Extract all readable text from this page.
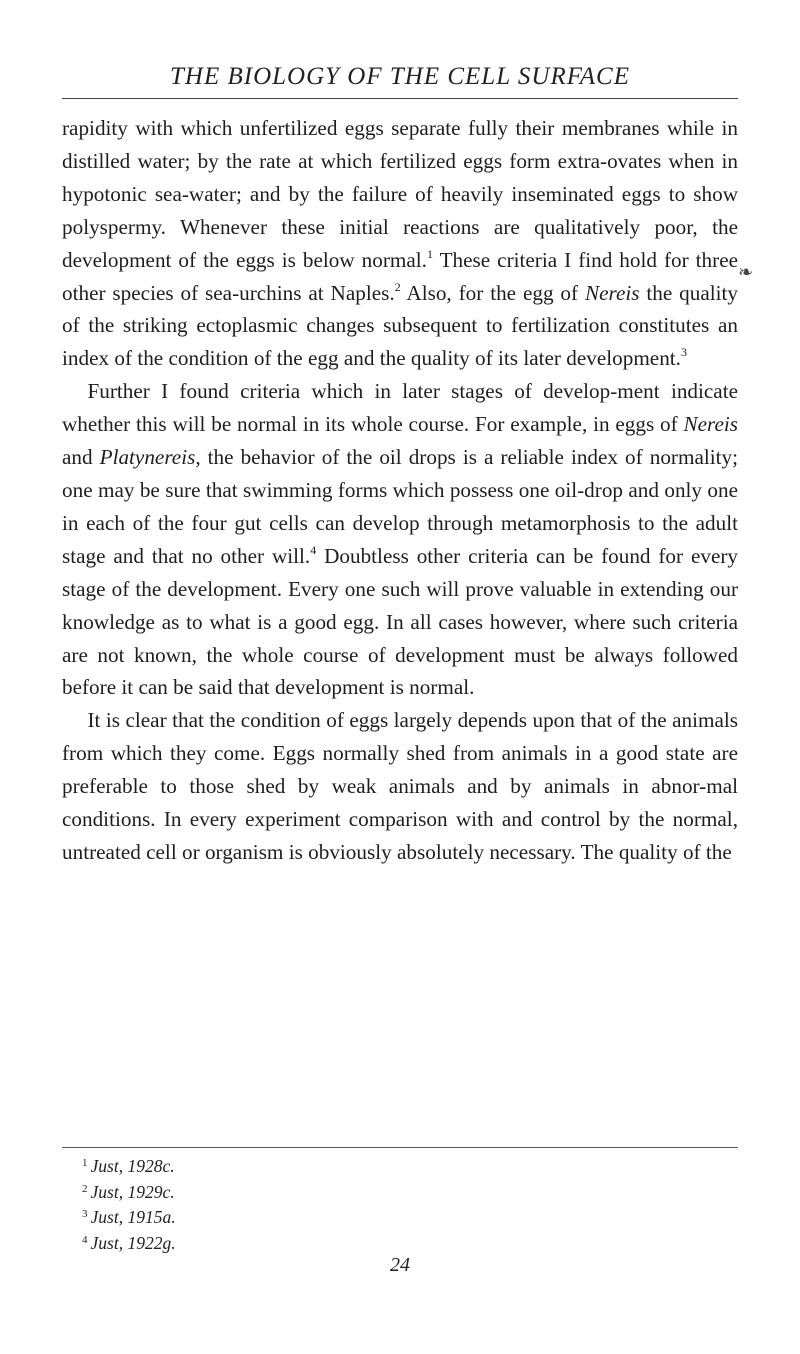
THE BIOLOGY OF THE CELL SURFACE

rapidity with which unfertilized eggs separate fully their membranes while in distilled water; by the rate at which fertilized eggs form extra-ovates when in hypotonic sea-water; and by the failure of heavily inseminated eggs to show polyspermy. Whenever these initial reactions are qualitatively poor, the development of the eggs is below normal.$^1$ These criteria I find hold for three other species of sea-urchins at Naples.$^2$ Also, for the egg of Nereis the quality of the striking ectoplasmic changes subsequent to fertilization constitutes an index of the condition of the egg and the quality of its later development.$^3$

Further I found criteria which in later stages of develop-ment indicate whether this will be normal in its whole course. For example, in eggs of Nereis and Platynereis, the behavior of the oil drops is a reliable index of normality; one may be sure that swimming forms which possess one oil-drop and only one in each of the four gut cells can develop through metamorphosis to the adult stage and that no other will.$^4$ Doubtless other criteria can be found for every stage of the development. Every one such will prove valuable in extending our knowledge as to what is a good egg. In all cases however, where such criteria are not known, the whole course of development must be always followed before it can be said that development is normal.

It is clear that the condition of eggs largely depends upon that of the animals from which they come. Eggs normally shed from animals in a good state are preferable to those shed by weak animals and by animals in abnor-mal conditions. In every experiment comparison with and control by the normal, untreated cell or organism is obviously absolutely necessary. The quality of the

$^1$ Just, 1928c.

$^2$ Just, 1929c.

$^3$ Just, 1915a.

$^4$ Just, 1922g.

24
❧
